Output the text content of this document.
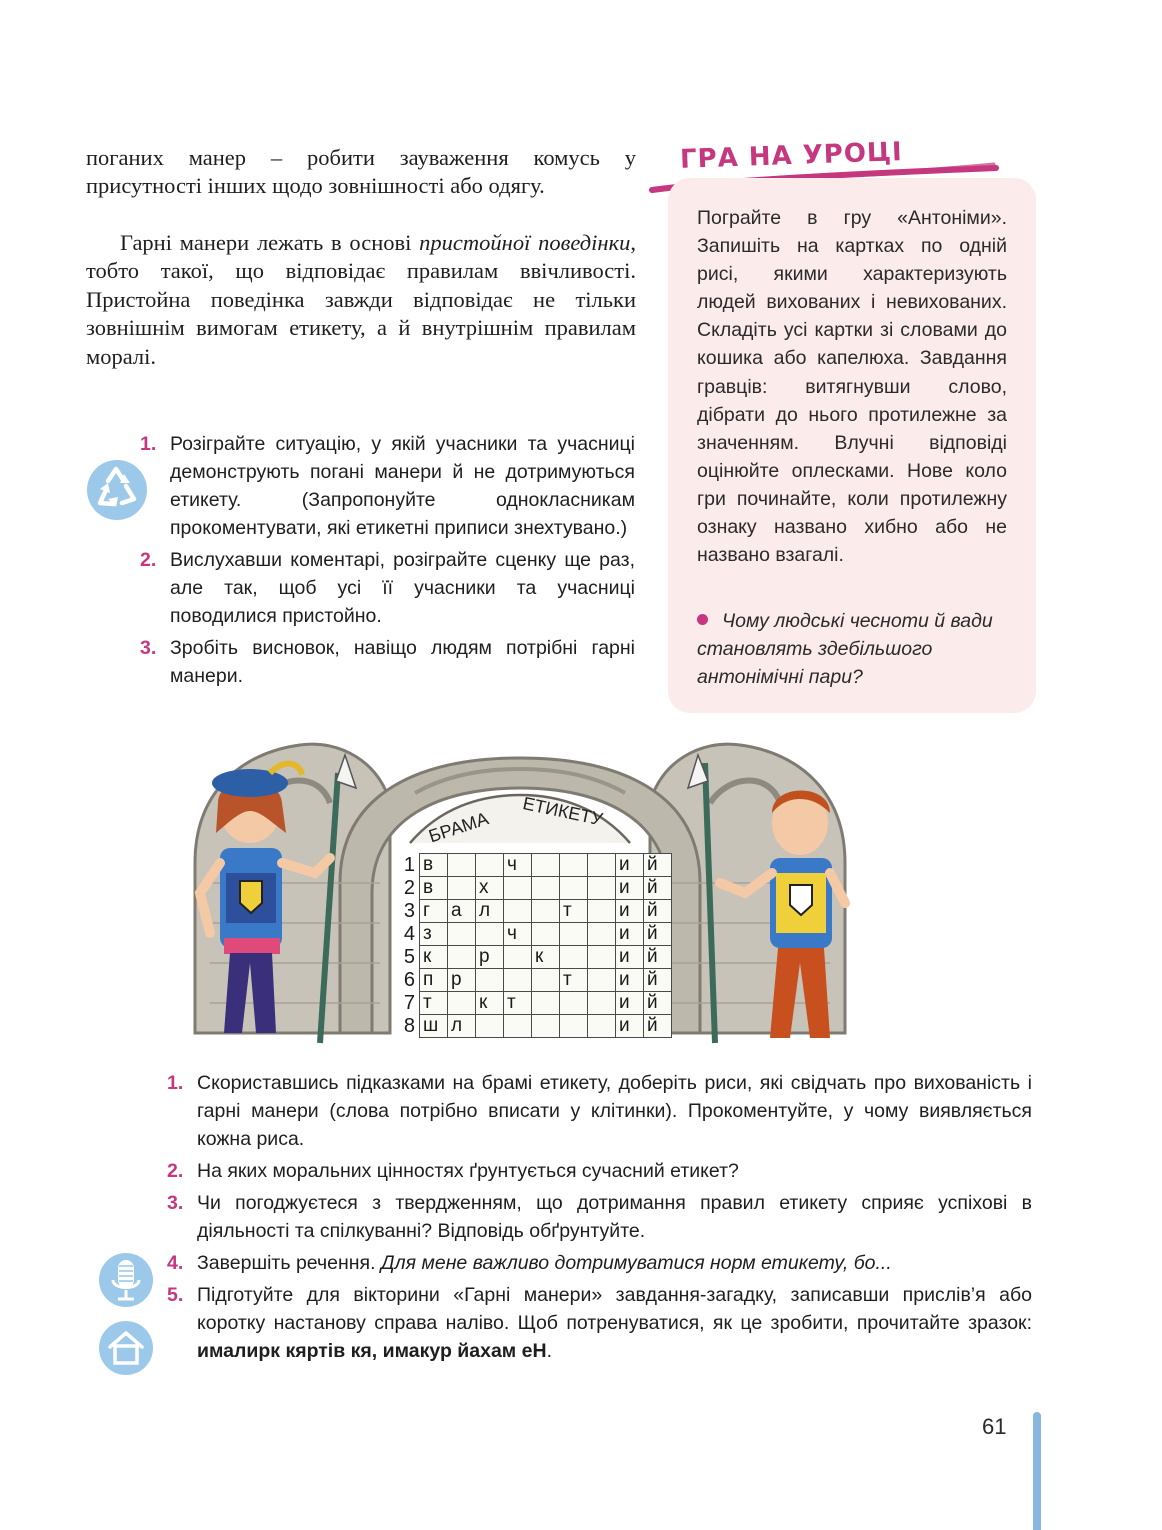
поганих манер – робити зауваження комусь у присутності інших щодо зовнішності або одягу.
Гарні манери лежать в основі пристойної поведінки, тобто такої, що відповідає правилам ввічливості. Пристойна поведінка завжди відповідає не тільки зовнішнім вимогам етикету, а й внутрішнім правилам моралі.
1. Розіграйте ситуацію, у якій учасники та учасниці демонструють погані манери й не дотримуються етикету. (Запропонуйте однокласникам прокоментувати, які етикетні приписи знехтувано.)
2. Вислухавши коментарі, розіграйте сценку ще раз, але так, щоб усі її учасники та учасниці поводилися пристойно.
3. Зробіть висновок, навіщо людям потрібні гарні манери.
ГРА НА УРОЦІ
Пограйте в гру «Антоніми». Запишіть на картках по одній рисі, якими характеризують людей вихованих і невихованих. Складіть усі картки зі словами до кошика або капелюха. Завдання гравців: витягнувши слово, дібрати до нього протилежне за значенням. Влучні відповіді оцінюйте оплесками. Нове коло гри починайте, коли протилежну ознаку названо хибно або не названо взагалі.
Чому людські чесноти й вади становлять здебільшого антонімічні пари?
БРАМА ЕТИКЕТУ
1	в			ч				и	й
2	в		х					и	й
3	г	а	л			т		и	й
4	з			ч				и	й
5	к		р		к			и	й
6	п	р				т		и	й
7	т		к	т				и	й
8	ш	л						и	й
1. Скориставшись підказками на брамі етикету, доберіть риси, які свідчать про вихованість і гарні манери (слова потрібно вписати у клітинки). Прокоментуйте, у чому виявляється кожна риса.
2. На яких моральних цінностях ґрунтується сучасний етикет?
3. Чи погоджуєтеся з твердженням, що дотримання правил етикету сприяє успіхові в діяльності та спілкуванні? Відповідь обґрунтуйте.
4. Завершіть речення. Для мене важливо дотримуватися норм етикету, бо...
5. Підготуйте для вікторини «Гарні манери» завдання-загадку, записавши прислів’я або коротку настанову справа наліво. Щоб потренуватися, як це зробити, прочитайте зразок: ималирк кяртів кя, имакур йахам еН.
61
